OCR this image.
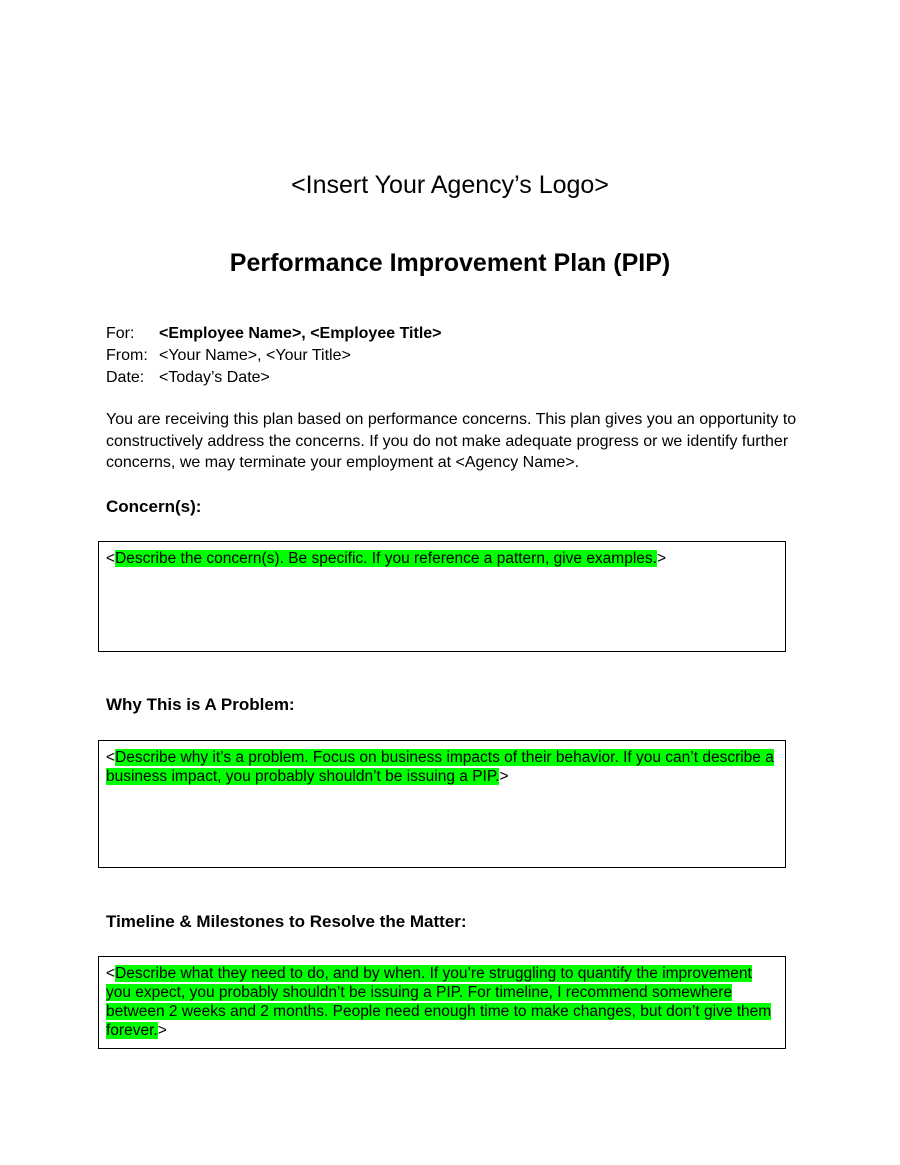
<Insert Your Agency’s Logo>
Performance Improvement Plan (PIP)
For:	<Employee Name>, <Employee Title>
From: <Your Name>, <Your Title>
Date: <Today’s Date>
You are receiving this plan based on performance concerns. This plan gives you an opportunity to constructively address the concerns. If you do not make adequate progress or we identify further concerns, we may terminate your employment at <Agency Name>.
Concern(s):
<Describe the concern(s). Be specific. If you reference a pattern, give examples.>
Why This is A Problem:
<Describe why it’s a problem. Focus on business impacts of their behavior. If you can’t describe a business impact, you probably shouldn’t be issuing a PIP.>
Timeline & Milestones to Resolve the Matter:
<Describe what they need to do, and by when. If you’re struggling to quantify the improvement you expect, you probably shouldn’t be issuing a PIP. For timeline, I recommend somewhere between 2 weeks and 2 months. People need enough time to make changes, but don’t give them forever.>
